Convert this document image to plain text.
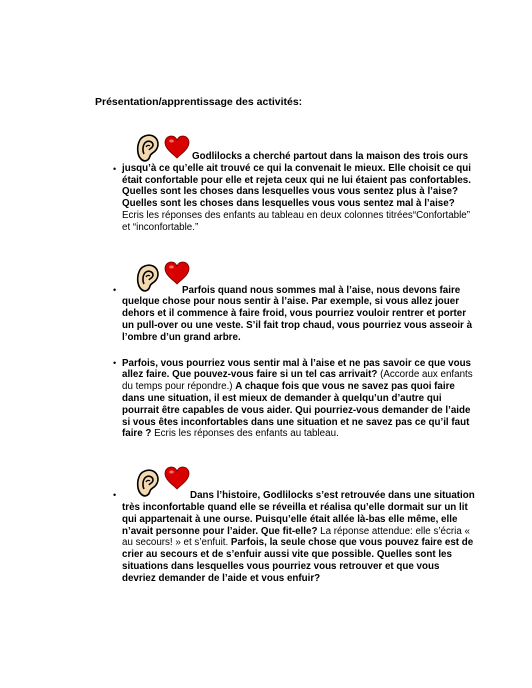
Présentation/apprentissage des activités:

•
Godlilocks a cherché partout dans la maison des trois ours jusqu’à ce qu’elle ait trouvé ce qui la convenait le mieux. Elle choisit ce qui était confortable pour elle et rejeta ceux qui ne lui étaient pas confortables. Quelles sont les choses dans lesquelles vous vous sentez plus à l’aise? Quelles sont les choses dans lesquelles vous vous sentez mal à l’aise? Ecris les réponses des enfants au tableau en deux colonnes titrées“Confortable” et “inconfortable.”
•	Parfois quand nous sommes mal à l’aise, nous devons faire quelque chose pour nous sentir à l’aise. Par exemple, si vous allez jouer dehors et il commence à faire froid, vous pourriez vouloir rentrer et porter un pull-over ou une veste. S’il fait trop chaud, vous pourriez vous asseoir à l’ombre d’un grand arbre.
• Parfois, vous pourriez vous sentir mal à l’aise et ne pas savoir ce que vous allez faire. Que pouvez-vous faire si un tel cas arrivait? (Accorde aux enfants du temps pour répondre.) A chaque fois que vous ne savez pas quoi faire dans une situation, il est mieux de demander à quelqu’un d’autre qui pourrait être capables de vous aider. Qui pourriez-vous demander de l’aide si vous êtes inconfortables dans une situation et ne savez pas ce qu’il faut faire ? Ecris les réponses des enfants au tableau.
•	Dans l’histoire, Godlilocks s’est retrouvée dans une situation très inconfortable quand elle se réveilla et réalisa qu’elle dormait sur un lit qui appartenait à une ourse. Puisqu’elle était allée là-bas elle même, elle n’avait personne pour l’aider. Que fit-elle? La réponse attendue: elle s’écria « au secours! » et s’enfuit. Parfois, la seule chose que vous pouvez faire est de crier au secours et de s’enfuir aussi vite que possible. Quelles sont les situations dans lesquelles vous pourriez vous retrouver et que vous devriez demander de l’aide et vous enfuir?
